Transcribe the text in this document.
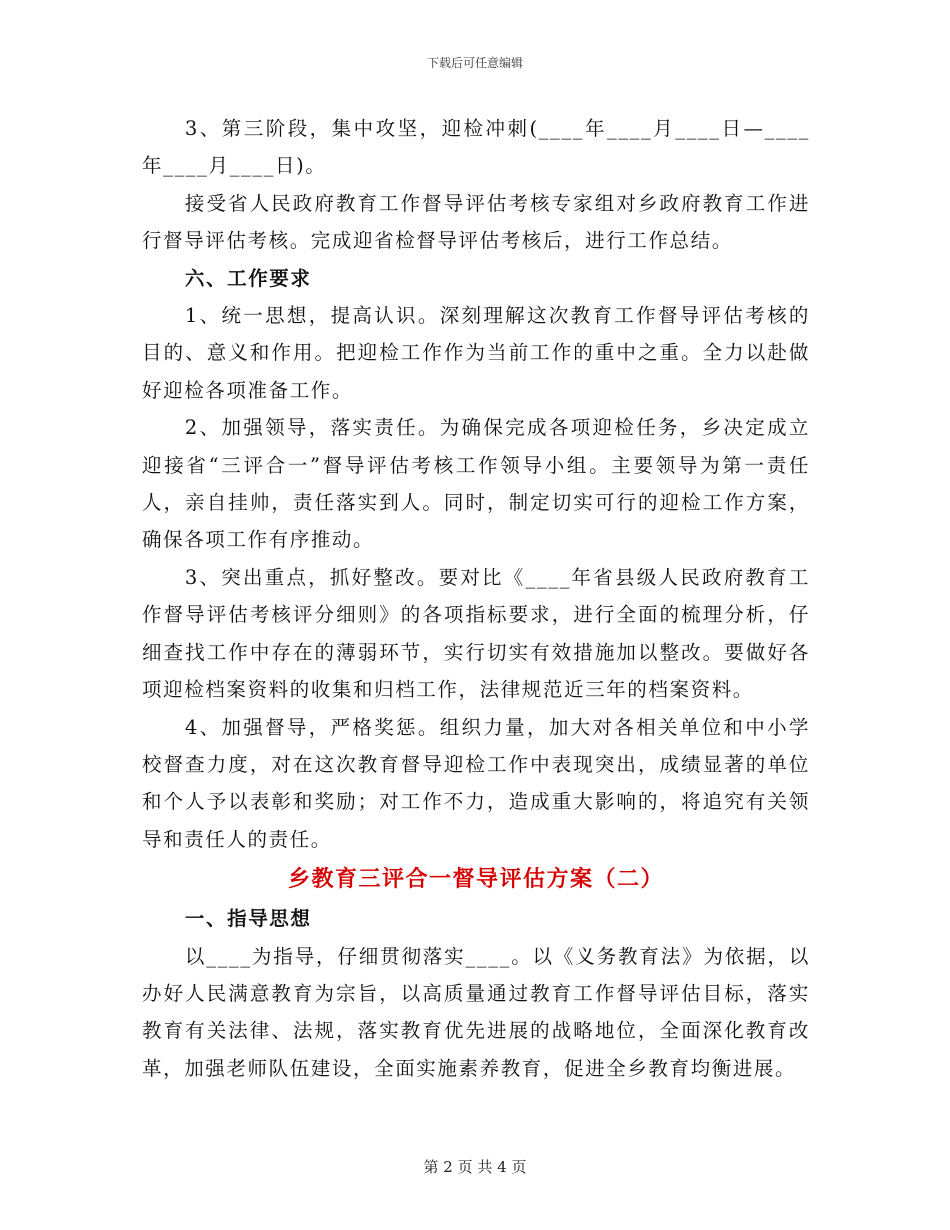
下载后可任意编辑

3、第三阶段，集中攻坚，迎检冲刺(____年____月____日—____年____月____日)。

接受省人民政府教育工作督导评估考核专家组对乡政府教育工作进行督导评估考核。完成迎省检督导评估考核后，进行工作总结。

六、工作要求

1、统一思想，提高认识。深刻理解这次教育工作督导评估考核的目的、意义和作用。把迎检工作作为当前工作的重中之重。全力以赴做好迎检各项准备工作。

2、加强领导，落实责任。为确保完成各项迎检任务，乡决定成立迎接省“三评合一”督导评估考核工作领导小组。主要领导为第一责任人，亲自挂帅，责任落实到人。同时，制定切实可行的迎检工作方案，确保各项工作有序推动。

3、突出重点，抓好整改。要对比《____年省县级人民政府教育工作督导评估考核评分细则》的各项指标要求，进行全面的梳理分析，仔细查找工作中存在的薄弱环节，实行切实有效措施加以整改。要做好各项迎检档案资料的收集和归档工作，法律规范近三年的档案资料。

4、加强督导，严格奖惩。组织力量，加大对各相关单位和中小学校督查力度，对在这次教育督导迎检工作中表现突出，成绩显著的单位和个人予以表彰和奖励；对工作不力，造成重大影响的，将追究有关领导和责任人的责任。

乡教育三评合一督导评估方案（二）

一、指导思想

以____为指导，仔细贯彻落实____。以《义务教育法》为依据，以办好人民满意教育为宗旨，以高质量通过教育工作督导评估目标，落实教育有关法律、法规，落实教育优先进展的战略地位，全面深化教育改革，加强老师队伍建设，全面实施素养教育，促进全乡教育均衡进展。

第 2 页 共 4 页
